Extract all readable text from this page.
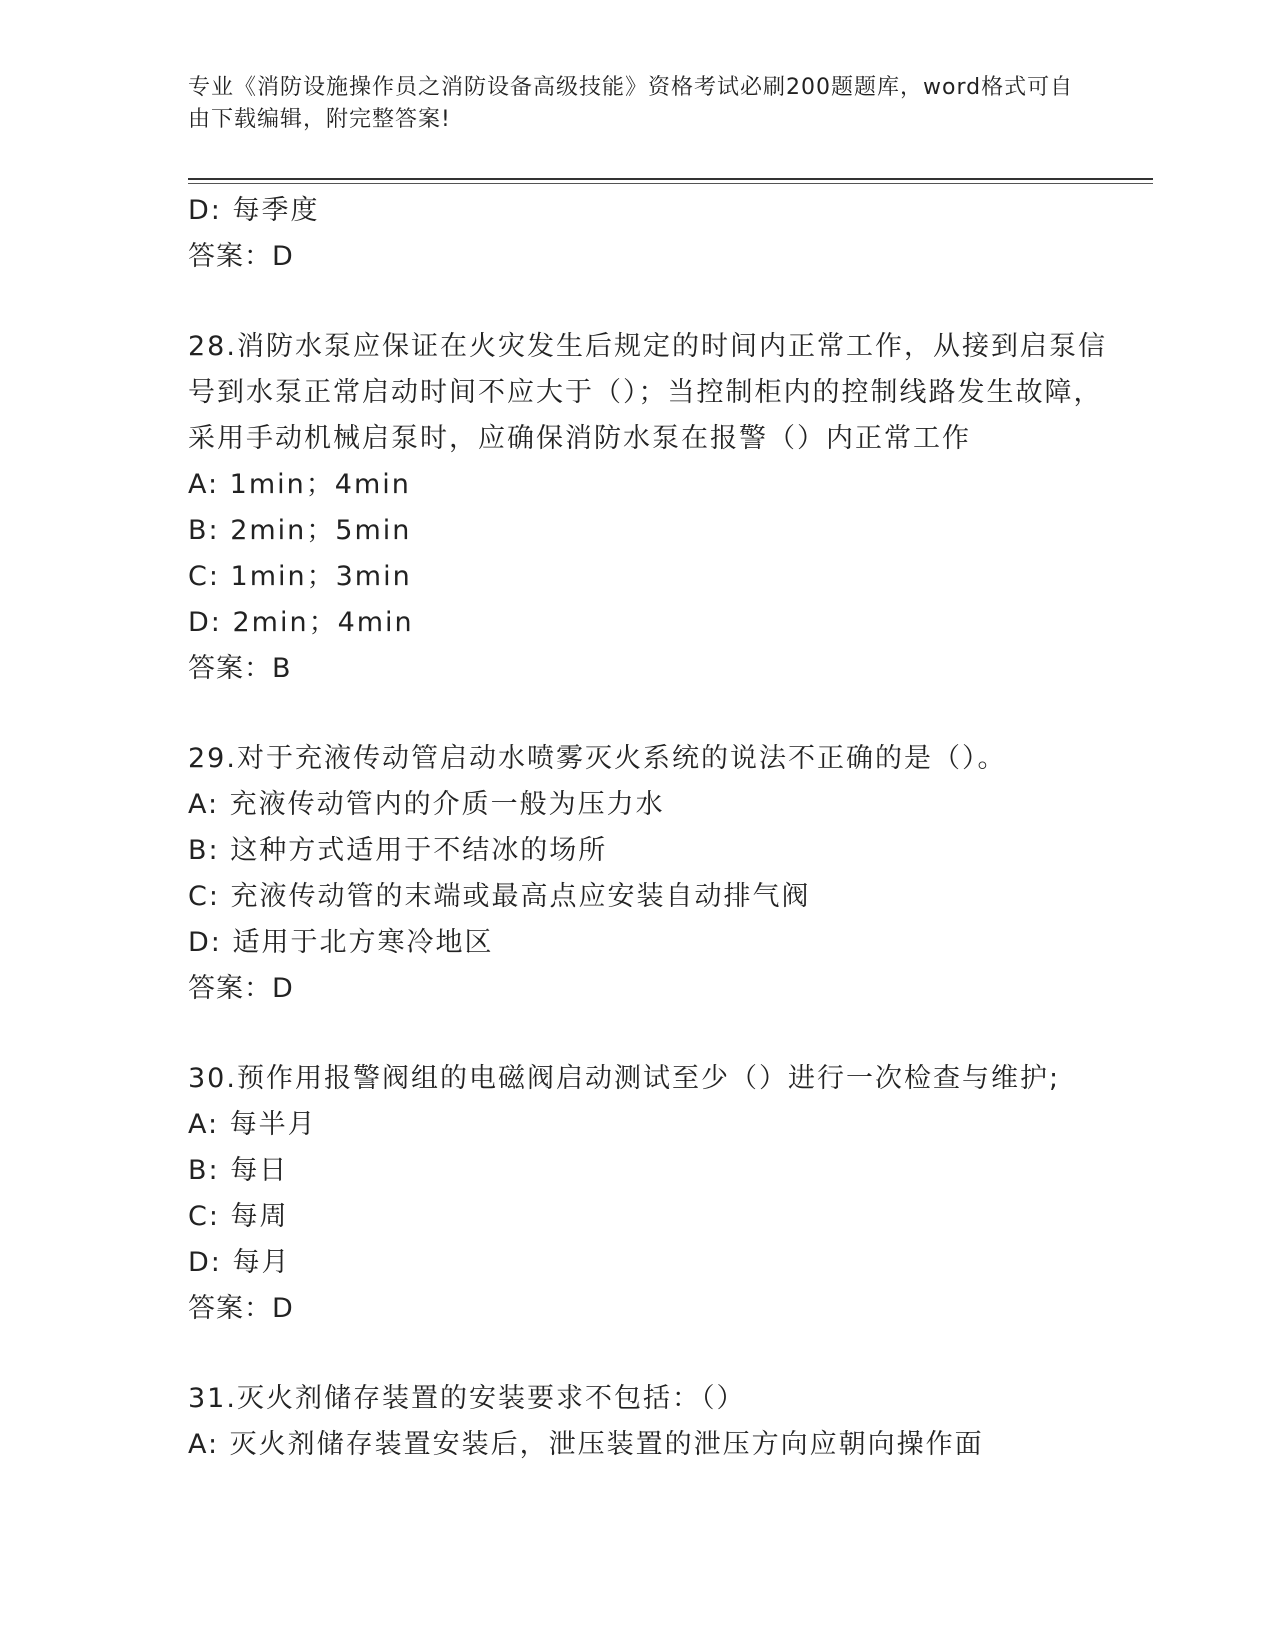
专业《消防设施操作员之消防设备高级技能》资格考试必刷200题题库，word格式可自由下载编辑，附完整答案!
D: 每季度
答案：D
28.消防水泵应保证在火灾发生后规定的时间内正常工作，从接到启泵信号到水泵正常启动时间不应大于（）；当控制柜内的控制线路发生故障，采用手动机械启泵时，应确保消防水泵在报警（）内正常工作
A: 1min；4min
B: 2min；5min
C: 1min；3min
D: 2min；4min
答案：B
29.对于充液传动管启动水喷雾灭火系统的说法不正确的是（）。
A: 充液传动管内的介质一般为压力水
B: 这种方式适用于不结冰的场所
C: 充液传动管的末端或最高点应安装自动排气阀
D: 适用于北方寒冷地区
答案：D
30.预作用报警阀组的电磁阀启动测试至少（）进行一次检查与维护;
A: 每半月
B: 每日
C: 每周
D: 每月
答案：D
31.灭火剂储存装置的安装要求不包括：（）
A: 灭火剂储存装置安装后，泄压装置的泄压方向应朝向操作面
